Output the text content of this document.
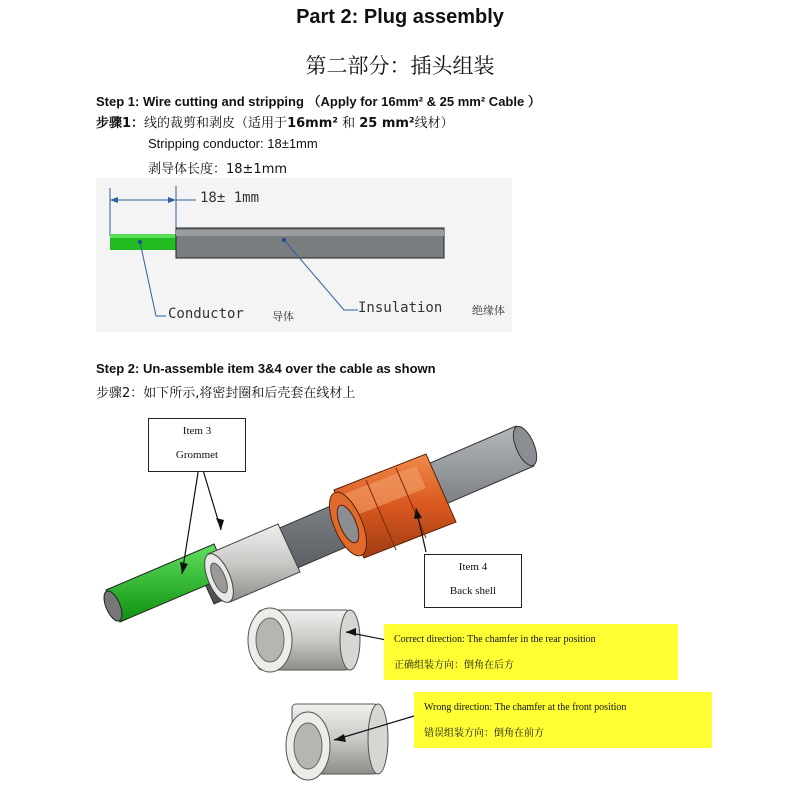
Part 2: Plug assembly
第二部分：插头组装
Step 1: Wire cutting and stripping （Apply for 16mm² & 25 mm² Cable ）
步骤1：线的裁剪和剥皮（适用于16mm² 和 25 mm²线材）
Stripping conductor: 18±1mm
剥导体长度：18±1mm
18± 1mm
Conductor	导体
Insulation	绝缘体
Step 2: Un-assemble item 3&4 over the cable as shown
步骤2：如下所示,将密封圈和后壳套在线材上
Item 3
Grommet
Item 4
Back shell
Correct direction: The chamfer in the rear position
正确组装方向：倒角在后方
Wrong direction: The chamfer at the front position
错误组装方向：倒角在前方
